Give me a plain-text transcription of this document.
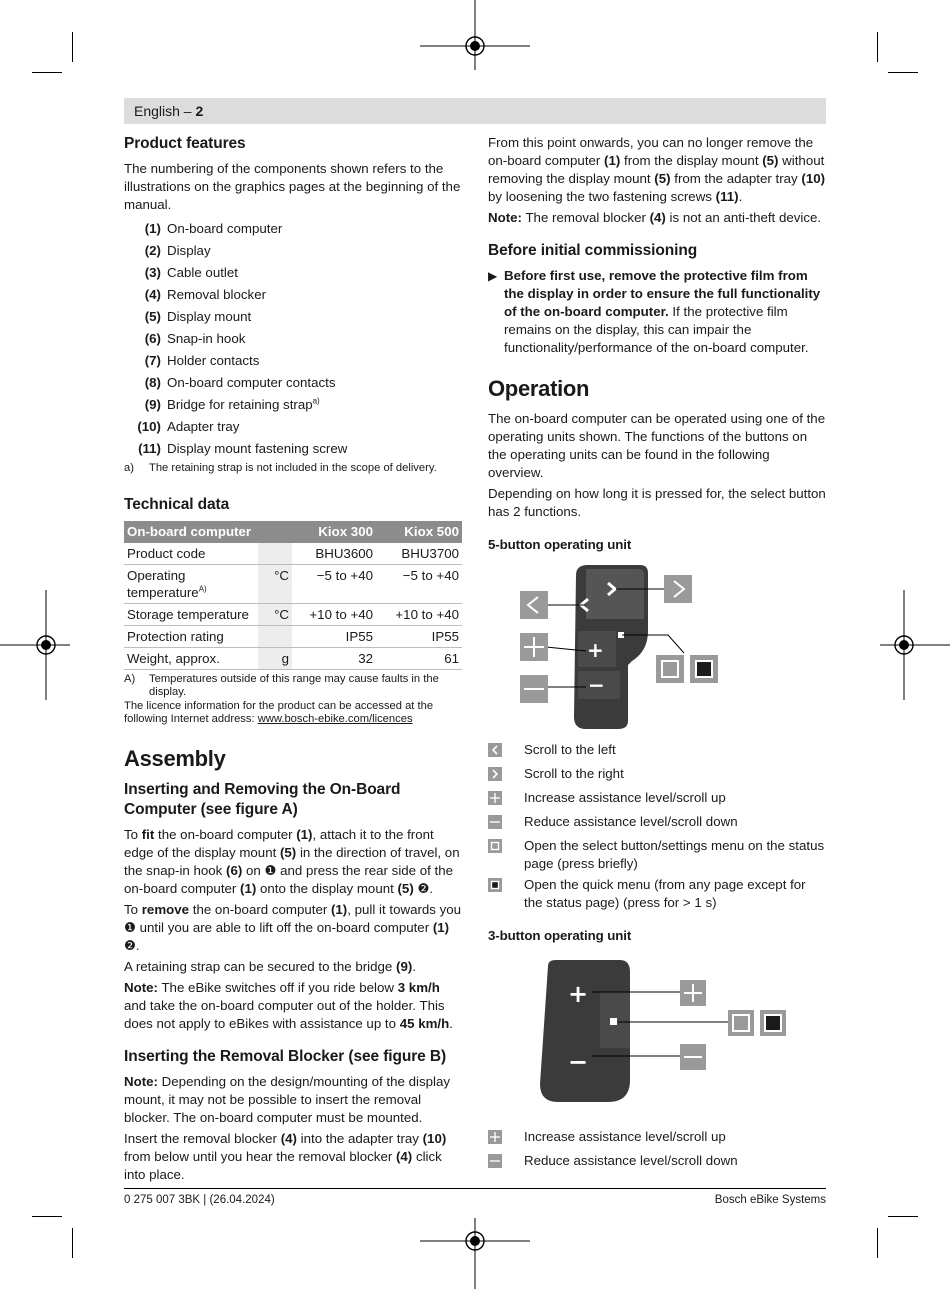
English – 2
Product features

The numbering of the components shown refers to the illustrations on the graphics pages at the beginning of the manual.

(1) On-board computer
(2) Display
(3) Cable outlet
(4) Removal blocker
(5) Display mount
(6) Snap-in hook
(7) Holder contacts
(8) On-board computer contacts
(9) Bridge for retaining strap$^{a)}$
(10) Adapter tray
(11) Display mount fastening screw
a)	The retaining strap is not included in the scope of delivery.
Technical data
On-board computer		Kiox 300	Kiox 500
Product code		BHU3600	BHU3700
Operating temperature$^{A)}$	°C	−5 to +40	−5 to +40
Storage temperature	°C	+10 to +40	+10 to +40
Protection rating		IP55	IP55
Weight, approx.	g	32	61
A)	Temperatures outside of this range may cause faults in the display.
The licence information for the product can be accessed at the following Internet address: www.bosch-ebike.com/licences
Assembly
Inserting and Removing the On-Board Computer (see figure A)

To fit the on-board computer (1), attach it to the front edge of the display mount (5) in the direction of travel, on the snap-in hook (6) on ❶ and press the rear side of the on-board computer (1) onto the display mount (5) ❷.

To remove the on-board computer (1), pull it towards you ❶ until you are able to lift off the on-board computer (1) ❷.

A retaining strap can be secured to the bridge (9).

Note: The eBike switches off if you ride below 3 km/h and take the on-board computer out of the holder. This does not apply to eBikes with assistance up to 45 km/h.

Inserting the Removal Blocker (see figure B)

Note: Depending on the design/mounting of the display mount, it may not be possible to insert the removal blocker. The on-board computer must be mounted.

Insert the removal blocker (4) into the adapter tray (10) from below until you hear the removal blocker (4) click into place.

From this point onwards, you can no longer remove the on-board computer (1) from the display mount (5) without removing the display mount (5) from the adapter tray (10) by loosening the two fastening screws (11).

Note: The removal blocker (4) is not an anti-theft device.

Before initial commissioning
▶ Before first use, remove the protective film from the display in order to ensure the full functionality of the on-board computer. If the protective film remains on the display, this can impair the functionality/performance of the on-board computer.

Operation

The on-board computer can be operated using one of the operating units shown. The functions of the buttons on the operating units can be found in the following overview.

Depending on how long it is pressed for, the select button has 2 functions.

5-button operating unit
+
−
Scroll to the left
Scroll to the right
Increase assistance level/scroll up
Reduce assistance level/scroll down
Open the select button/settings menu on the status page (press briefly)
Open the quick menu (from any page except for the status page) (press for > 1 s)
3-button operating unit
+
−
Increase assistance level/scroll up
Reduce assistance level/scroll down
0 275 007 3BK | (26.04.2024)	Bosch eBike Systems
